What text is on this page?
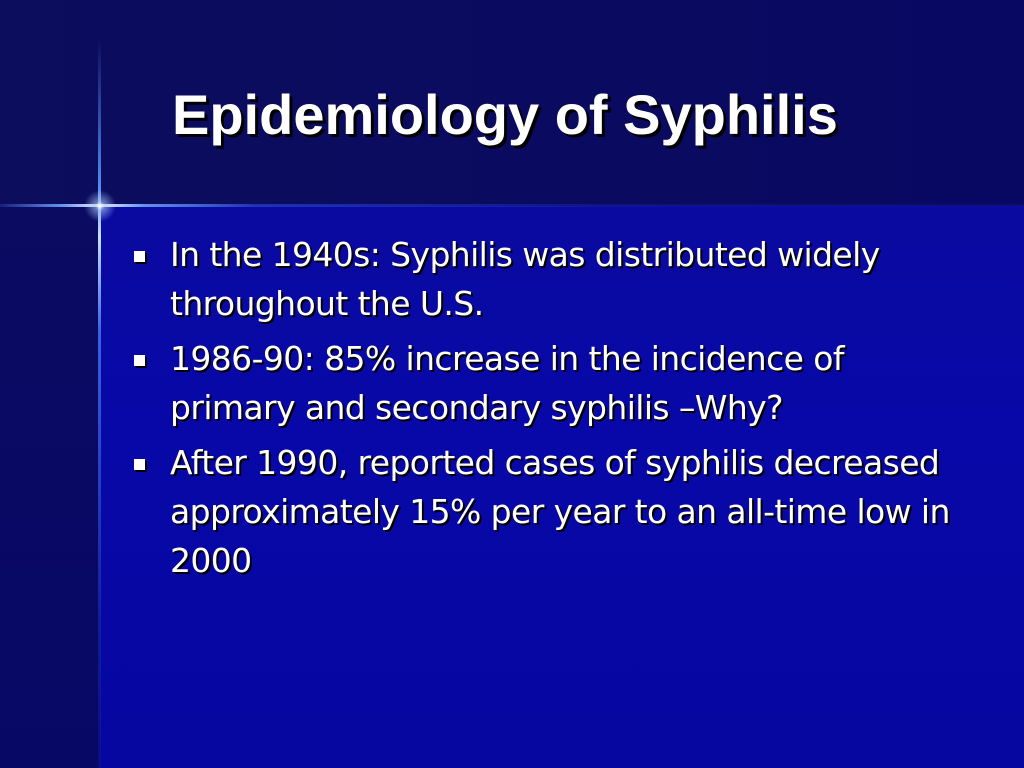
Epidemiology of Syphilis
In the 1940s: Syphilis was distributed widely throughout the U.S.
1986-90: 85% increase in the incidence of primary and secondary syphilis –Why?
After 1990, reported cases of syphilis decreased approximately 15% per year to an all-time low in 2000
